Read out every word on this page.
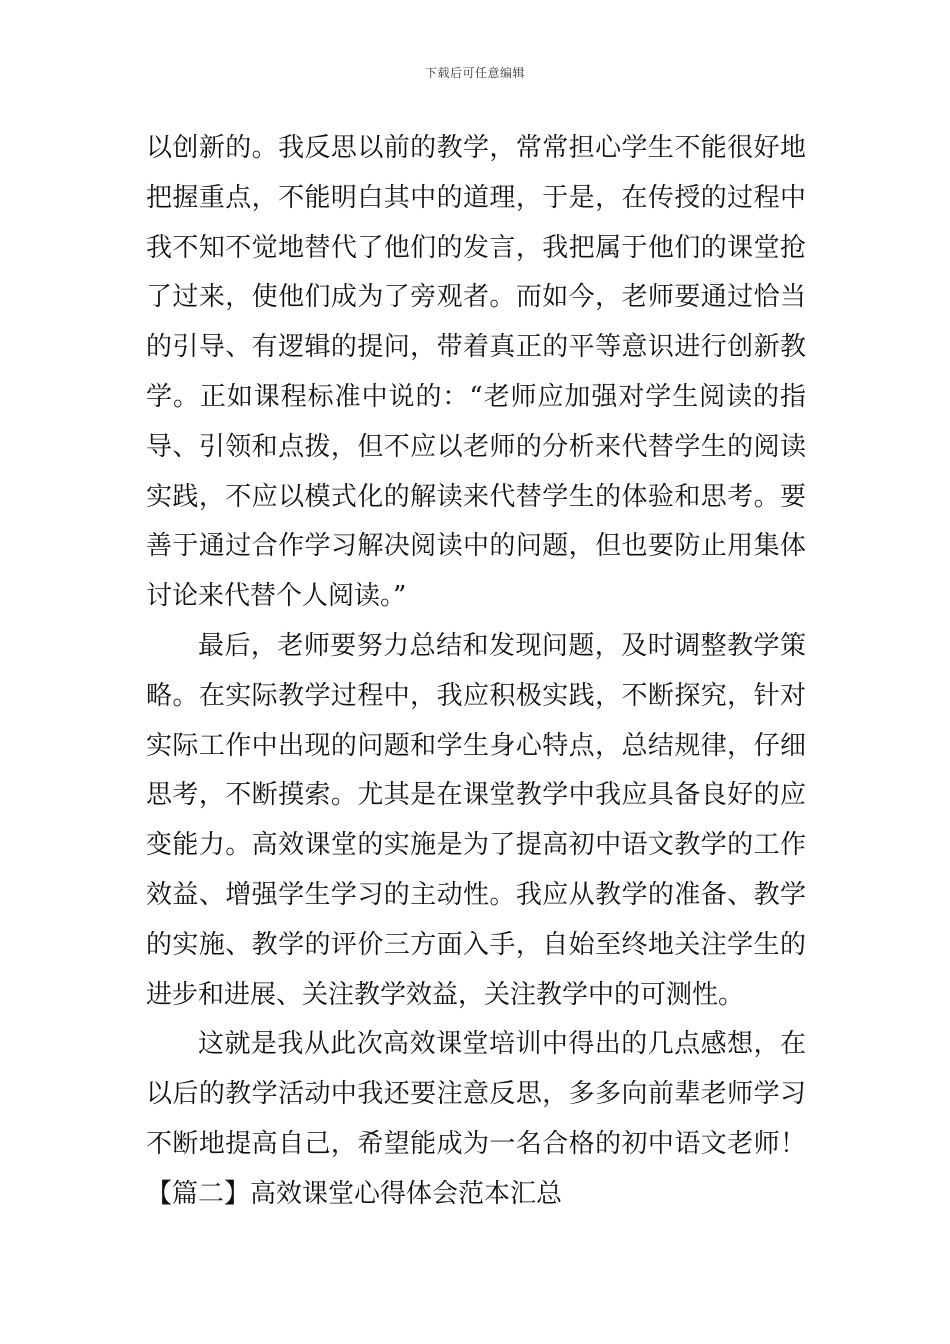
下载后可任意编辑
以创新的。我反思以前的教学，常常担心学生不能很好地
把握重点，不能明白其中的道理，于是，在传授的过程中
我不知不觉地替代了他们的发言，我把属于他们的课堂抢
了过来，使他们成为了旁观者。而如今，老师要通过恰当
的引导、有逻辑的提问，带着真正的平等意识进行创新教
学。正如课程标准中说的：“老师应加强对学生阅读的指
导、引领和点拨，但不应以老师的分析来代替学生的阅读
实践，不应以模式化的解读来代替学生的体验和思考。要
善于通过合作学习解决阅读中的问题，但也要防止用集体
讨论来代替个人阅读。”
最后，老师要努力总结和发现问题，及时调整教学策
略。在实际教学过程中，我应积极实践，不断探究，针对
实际工作中出现的问题和学生身心特点，总结规律，仔细
思考，不断摸索。尤其是在课堂教学中我应具备良好的应
变能力。高效课堂的实施是为了提高初中语文教学的工作
效益、增强学生学习的主动性。我应从教学的准备、教学
的实施、教学的评价三方面入手，自始至终地关注学生的
进步和进展、关注教学效益，关注教学中的可测性。
这就是我从此次高效课堂培训中得出的几点感想，在
以后的教学活动中我还要注意反思，多多向前辈老师学习
不断地提高自己，希望能成为一名合格的初中语文老师！
【篇二】高效课堂心得体会范本汇总
